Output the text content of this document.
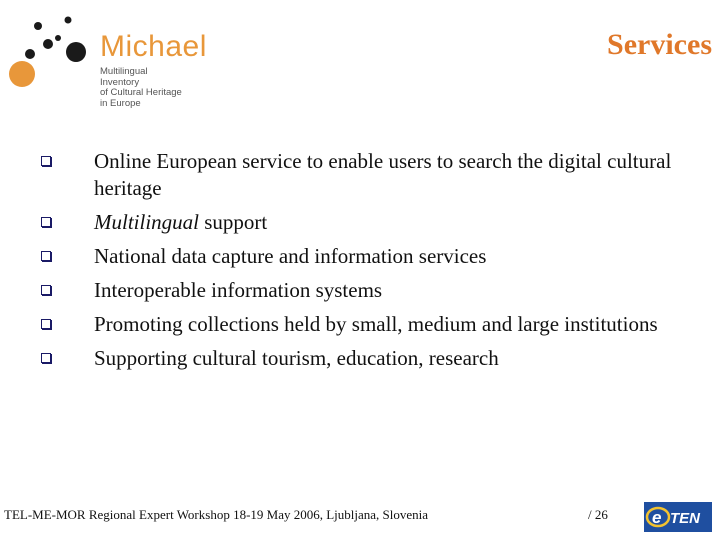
Michael
Multilingual
Inventory
of Cultural Heritage
in Europe
Services
Online European service to enable users to search the digital cultural heritage
Multilingual support
National data capture and information services
Interoperable information systems
Promoting collections held by small, medium and large institutions
Supporting cultural tourism, education, research
TEL-ME-MOR Regional Expert Workshop 18-19 May 2006, Ljubljana, Slovenia	/ 26	e TEN
